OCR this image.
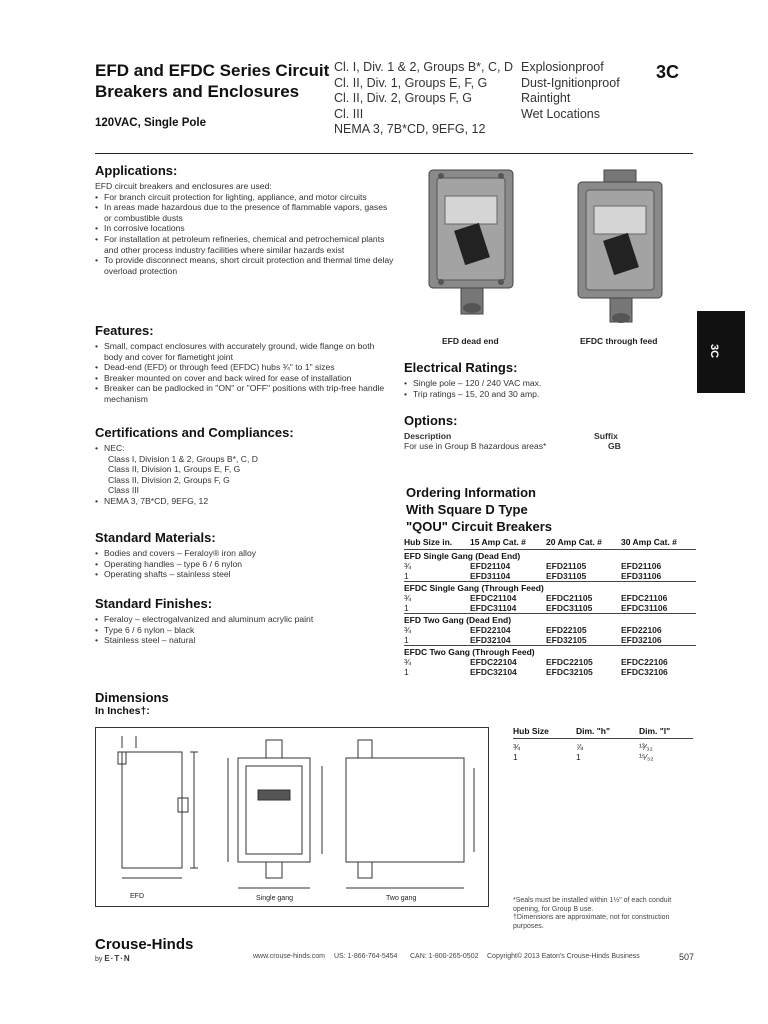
EFD and EFDC Series Circuit
Breakers and Enclosures
120VAC, Single Pole
Cl. I, Div. 1 & 2, Groups B*, C, D
Cl. II, Div. 1, Groups E, F, G
Cl. II, Div. 2, Groups F, G
Cl. III
NEMA 3, 7B*CD, 9EFG, 12
Explosionproof
Dust-Ignitionproof
Raintight
Wet Locations
3C
3C
Applications:
EFD circuit breakers and enclosures are used:
• For branch circuit protection for lighting, appliance, and motor circuits
• In areas made hazardous due to the presence of flammable vapors, gases or combustible dusts
• In corrosive locations
• For installation at petroleum refineries, chemical and petrochemical plants and other process industry facilities where similar hazards exist
• To provide disconnect means, short circuit protection and thermal time delay overload protection
Features:
• Small, compact enclosures with accurately ground, wide flange on both body and cover for flametight joint
• Dead-end (EFD) or through feed (EFDC) hubs ¾" to 1" sizes
• Breaker mounted on cover and back wired for ease of installation
• Breaker can be padlocked in "ON" or "OFF" positions with trip-free handle mechanism
Certifications and Compliances:
• NEC:
Class I, Division 1 & 2, Groups B*, C, D
Class II, Division 1, Groups E, F, G
Class II, Division 2, Groups F, G
Class III
• NEMA 3, 7B*CD, 9EFG, 12
Standard Materials:
• Bodies and covers – Feraloy® iron alloy
• Operating handles – type 6 / 6 nylon
• Operating shafts – stainless steel
Standard Finishes:
• Feraloy – electrogalvanized and aluminum acrylic paint
• Type 6 / 6 nylon – black
• Stainless steel – natural
EFD dead end	EFDC through feed
Electrical Ratings:
• Single pole – 120 / 240 VAC max.
• Trip ratings – 15, 20 and 30 amp.
Options:
Description	Suffix
For use in Group B hazardous areas*	GB
Ordering Information
With Square D Type
"QOU" Circuit Breakers
Hub Size in. 15 Amp Cat. # 20 Amp Cat. # 30 Amp Cat. #
EFD Single Gang (Dead End)
¾	EFD21104	EFD21105	EFD21106
1	EFD31104	EFD31105	EFD31106
EFDC Single Gang (Through Feed)
¾	EFDC21104	EFDC21105	EFDC21106
1	EFDC31104	EFDC31105	EFDC31106
EFD Two Gang (Dead End)
¾	EFD22104	EFD22105	EFD22106
1	EFD32104	EFD32105	EFD32106
EFDC Two Gang (Through Feed)
¾	EFDC22104	EFDC22105	EFDC22106
1	EFDC32104	EFDC32105	EFDC32106
Dimensions
In Inches†:
EFD	Single gang	Two gang
Hub Size	Dim. "h"	Dim. "l"
¾	⅞	¹³⁄₃₂
1	1	¹⁵⁄₃₂
*Seals must be installed within 1½" of each conduit opening, for Group B use.
†Dimensions are approximate, not for construction purposes.
Crouse-Hinds
by E·T·N	www.crouse-hinds.com US: 1-866-764-5454 CAN: 1-800-265-0502 Copyright© 2013 Eaton's Crouse-Hinds Business	507
